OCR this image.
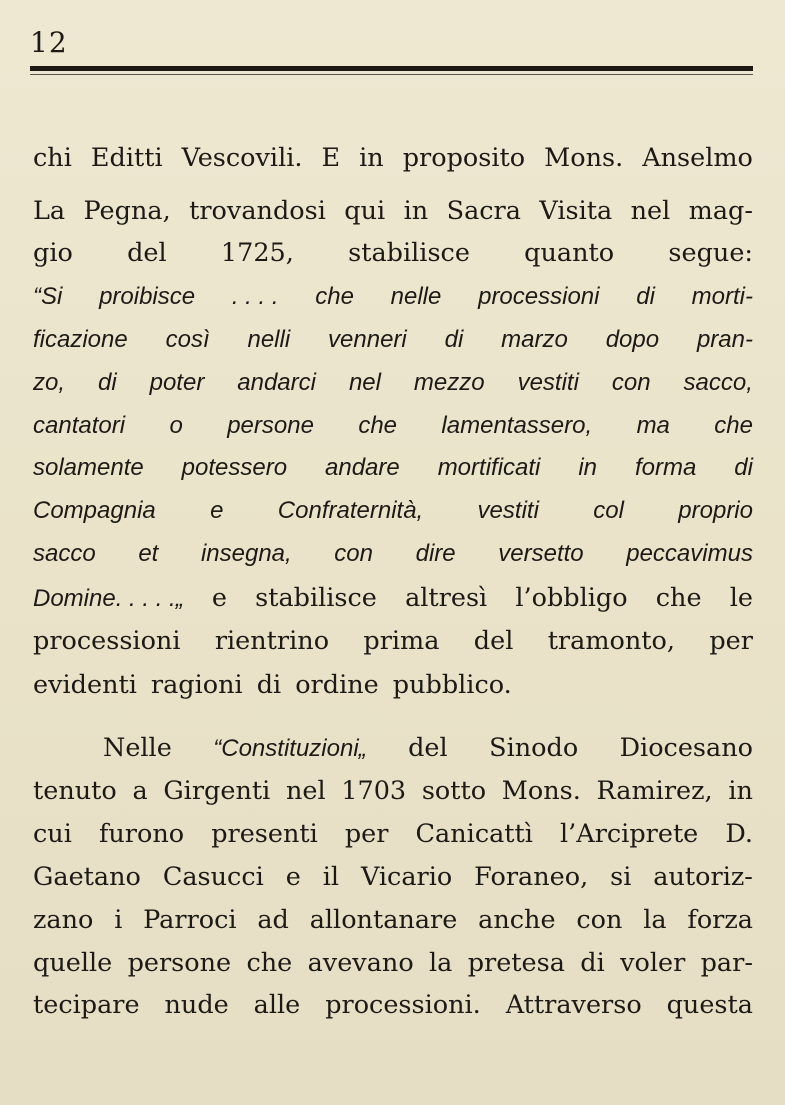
12
chi Editti Vescovili. E in proposito Mons. Anselmo
La Pegna, trovandosi qui in Sacra Visita nel mag-
gio del 1725, stabilisce quanto segue:
“Si proibisce . . . . che nelle processioni di morti-
ficazione così nelli venneri di marzo dopo pran-
zo, di poter andarci nel mezzo vestiti con sacco,
cantatori o persone che lamentassero, ma che
solamente potessero andare mortificati in forma di
Compagnia e Confraternità, vestiti col proprio
sacco et insegna, con dire versetto peccavimus
Domine. . . . .„ e stabilisce altresì l’obbligo che le
processioni rientrino prima del tramonto, per
evidenti ragioni di ordine pubblico.
Nelle “Constituzioni„ del Sinodo Diocesano
tenuto a Girgenti nel 1703 sotto Mons. Ramirez, in
cui furono presenti per Canicattì l’Arciprete D.
Gaetano Casucci e il Vicario Foraneo, si autoriz-
zano i Parroci ad allontanare anche con la forza
quelle persone che avevano la pretesa di voler par-
tecipare nude alle processioni. Attraverso questa
